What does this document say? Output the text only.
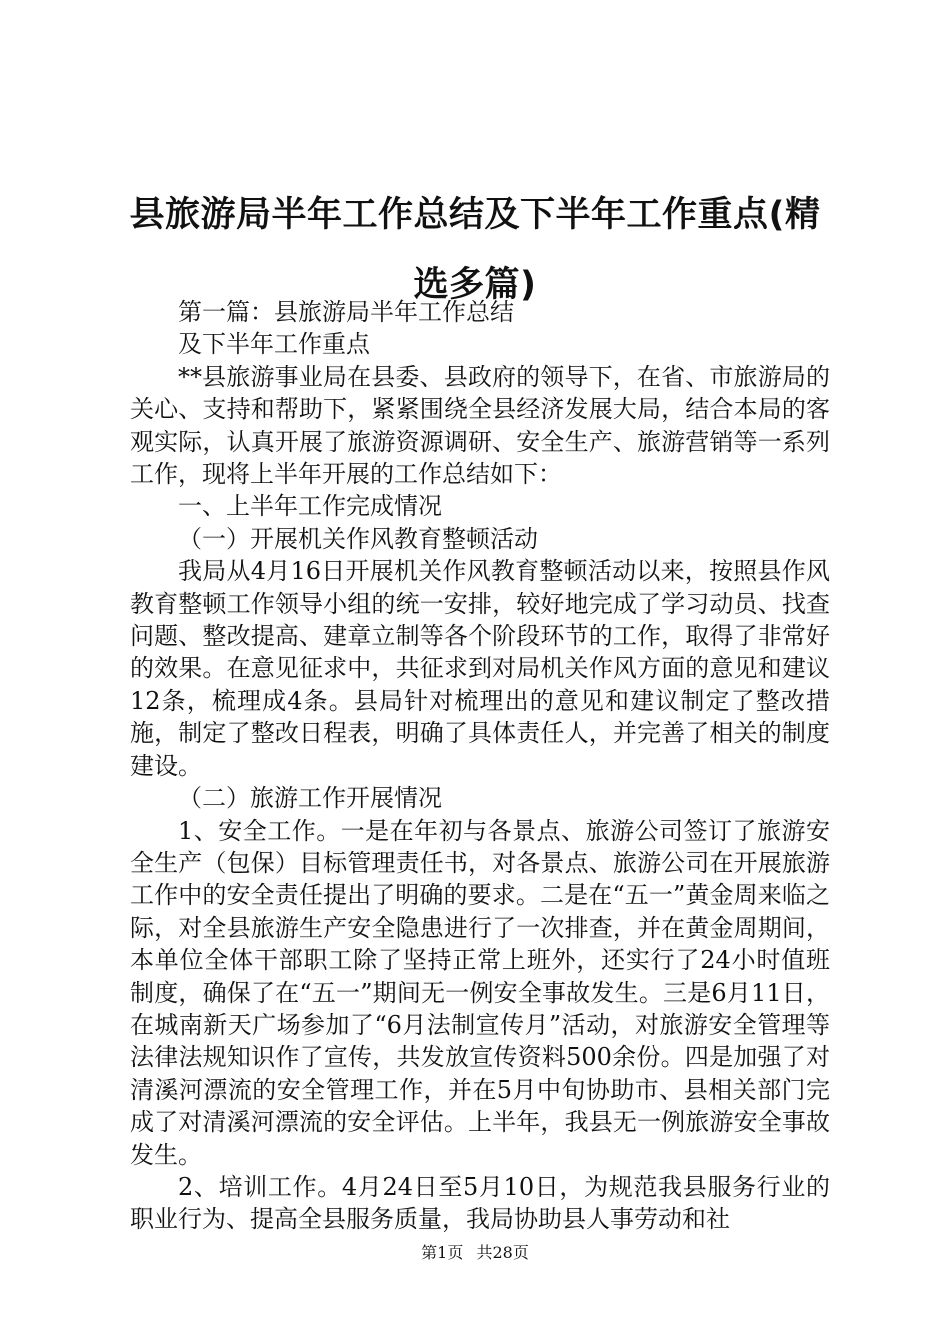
县旅游局半年工作总结及下半年工作重点(精选多篇)

第一篇：县旅游局半年工作总结

及下半年工作重点

**县旅游事业局在县委、县政府的领导下，在省、市旅游局的关心、支持和帮助下，紧紧围绕全县经济发展大局，结合本局的客观实际，认真开展了旅游资源调研、安全生产、旅游营销等一系列工作，现将上半年开展的工作总结如下：

一、上半年工作完成情况

（一）开展机关作风教育整顿活动

我局从4月16日开展机关作风教育整顿活动以来，按照县作风教育整顿工作领导小组的统一安排，较好地完成了学习动员、找查问题、整改提高、建章立制等各个阶段环节的工作，取得了非常好的效果。在意见征求中，共征求到对局机关作风方面的意见和建议12条，梳理成4条。县局针对梳理出的意见和建议制定了整改措施，制定了整改日程表，明确了具体责任人，并完善了相关的制度建设。

（二）旅游工作开展情况

1、安全工作。一是在年初与各景点、旅游公司签订了旅游安全生产（包保）目标管理责任书，对各景点、旅游公司在开展旅游工作中的安全责任提出了明确的要求。二是在“五一”黄金周来临之际，对全县旅游生产安全隐患进行了一次排查，并在黄金周期间，本单位全体干部职工除了坚持正常上班外，还实行了24小时值班制度，确保了在“五一”期间无一例安全事故发生。三是6月11日，在城南新天广场参加了“6月法制宣传月”活动，对旅游安全管理等法律法规知识作了宣传，共发放宣传资料500余份。四是加强了对清溪河漂流的安全管理工作，并在5月中旬协助市、县相关部门完成了对清溪河漂流的安全评估。上半年，我县无一例旅游安全事故发生。

2、培训工作。4月24日至5月10日，为规范我县服务行业的职业行为、提高全县服务质量，我局协助县人事劳动和社

第1页 共28页
